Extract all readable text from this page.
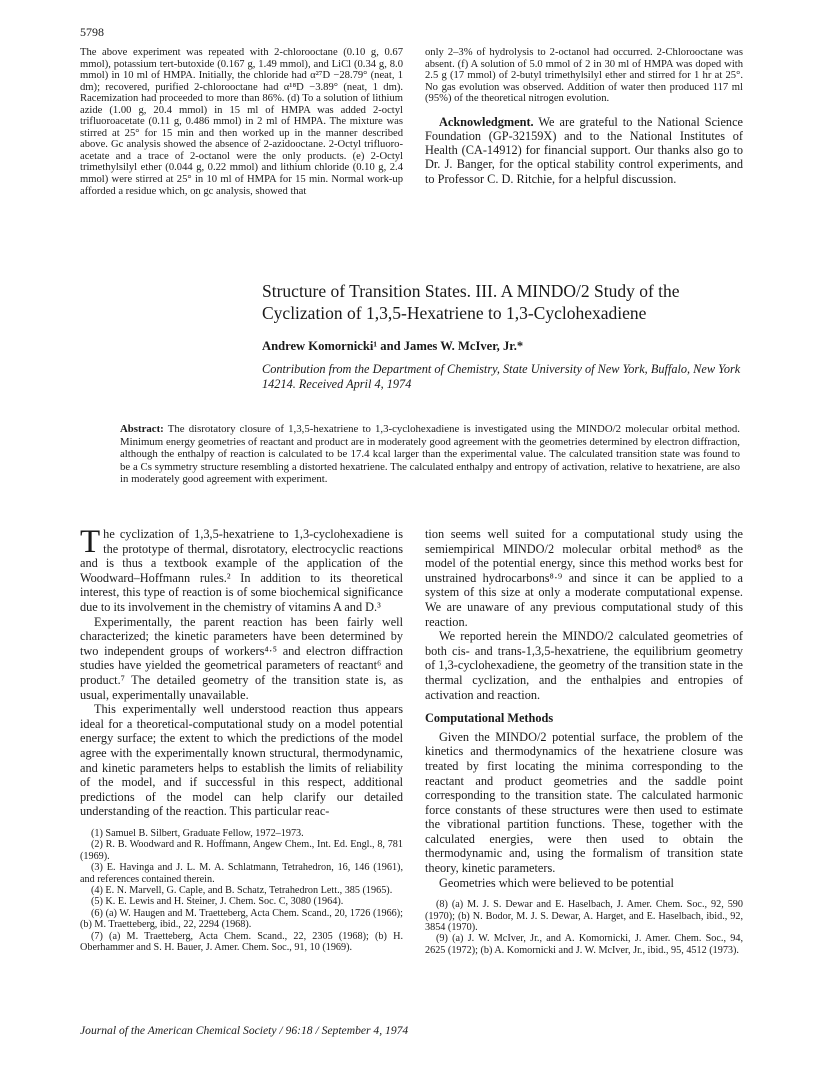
5798
The above experiment was repeated with 2-chlorooctane (0.10 g, 0.67 mmol), potassium tert-butoxide (0.167 g, 1.49 mmol), and LiCl (0.34 g, 8.0 mmol) in 10 ml of HMPA. Initially, the chloride had α²⁷D −28.79° (neat, 1 dm); recovered, purified 2-chlorooctane had α¹⁸D −3.89° (neat, 1 dm). Racemization had proceeded to more than 86%. (d) To a solution of lithium azide (1.00 g, 20.4 mmol) in 15 ml of HMPA was added 2-octyl trifluoroacetate (0.11 g, 0.486 mmol) in 2 ml of HMPA. The mixture was stirred at 25° for 15 min and then worked up in the manner described above. Gc analysis showed the absence of 2-azidooctane. 2-Octyl trifluoro-acetate and a trace of 2-octanol were the only products. (e) 2-Octyl trimethylsilyl ether (0.044 g, 0.22 mmol) and lithium chloride (0.10 g, 2.4 mmol) were stirred at 25° in 10 ml of HMPA for 15 min. Normal work-up afforded a residue which, on gc analysis, showed that
only 2–3% of hydrolysis to 2-octanol had occurred. 2-Chlorooctane was absent. (f) A solution of 5.0 mmol of 2 in 30 ml of HMPA was doped with 2.5 g (17 mmol) of 2-butyl trimethylsilyl ether and stirred for 1 hr at 25°. No gas evolution was observed. Addition of water then produced 117 ml (95%) of the theoretical nitrogen evolution.

Acknowledgment. We are grateful to the National Science Foundation (GP-32159X) and to the National Institutes of Health (CA-14912) for financial support. Our thanks also go to Dr. J. Banger, for the optical stability control experiments, and to Professor C. D. Ritchie, for a helpful discussion.

Structure of Transition States. III. A MINDO/2 Study of the Cyclization of 1,3,5-Hexatriene to 1,3-Cyclohexadiene
Andrew Komornicki¹ and James W. McIver, Jr.*
Contribution from the Department of Chemistry, State University of New York, Buffalo, New York 14214. Received April 4, 1974
Abstract: The disrotatory closure of 1,3,5-hexatriene to 1,3-cyclohexadiene is investigated using the MINDO/2 molecular orbital method. Minimum energy geometries of reactant and product are in moderately good agreement with the geometries determined by electron diffraction, although the enthalpy of reaction is calculated to be 17.4 kcal larger than the experimental value. The calculated transition state was found to be a Cs symmetry structure resembling a distorted hexatriene. The calculated enthalpy and entropy of activation, relative to hexatriene, are also in moderately good agreement with experiment.

The cyclization of 1,3,5-hexatriene to 1,3-cyclohexadiene is the prototype of thermal, disrotatory, electrocyclic reactions and is thus a textbook example of the application of the Woodward–Hoffmann rules.² In addition to its theoretical interest, this type of reaction is of some biochemical significance due to its involvement in the chemistry of vitamins A and D.³

Experimentally, the parent reaction has been fairly well characterized; the kinetic parameters have been determined by two independent groups of workers⁴·⁵ and electron diffraction studies have yielded the geometrical parameters of reactant⁶ and product.⁷ The detailed geometry of the transition state is, as usual, experimentally unavailable.

This experimentally well understood reaction thus appears ideal for a theoretical-computational study on a model potential energy surface; the extent to which the predictions of the model agree with the experimentally known structural, thermodynamic, and kinetic parameters helps to establish the limits of reliability of the model, and if successful in this respect, additional predictions of the model can help clarify our detailed understanding of the reaction. This particular reac-

(1) Samuel B. Silbert, Graduate Fellow, 1972–1973.

(2) R. B. Woodward and R. Hoffmann, Angew Chem., Int. Ed. Engl., 8, 781 (1969).

(3) E. Havinga and J. L. M. A. Schlatmann, Tetrahedron, 16, 146 (1961), and references contained therein.

(4) E. N. Marvell, G. Caple, and B. Schatz, Tetrahedron Lett., 385 (1965).

(5) K. E. Lewis and H. Steiner, J. Chem. Soc. C, 3080 (1964).

(6) (a) W. Haugen and M. Traetteberg, Acta Chem. Scand., 20, 1726 (1966); (b) M. Traetteberg, ibid., 22, 2294 (1968).

(7) (a) M. Traetteberg, Acta Chem. Scand., 22, 2305 (1968); (b) H. Oberhammer and S. H. Bauer, J. Amer. Chem. Soc., 91, 10 (1969).

tion seems well suited for a computational study using the semiempirical MINDO/2 molecular orbital method⁸ as the model of the potential energy, since this method works best for unstrained hydrocarbons⁸·⁹ and since it can be applied to a system of this size at only a moderate computational expense. We are unaware of any previous computational study of this reaction.

We reported herein the MINDO/2 calculated geometries of both cis- and trans-1,3,5-hexatriene, the equilibrium geometry of 1,3-cyclohexadiene, the geometry of the transition state in the thermal cyclization, and the enthalpies and entropies of activation and reaction.

Computational Methods

Given the MINDO/2 potential surface, the problem of the kinetics and thermodynamics of the hexatriene closure was treated by first locating the minima corresponding to the reactant and product geometries and the saddle point corresponding to the transition state. The calculated harmonic force constants of these structures were then used to estimate the vibrational partition functions. These, together with the calculated energies, were then used to obtain the thermodynamic and, using the formalism of transition state theory, kinetic parameters.

Geometries which were believed to be potential

(8) (a) M. J. S. Dewar and E. Haselbach, J. Amer. Chem. Soc., 92, 590 (1970); (b) N. Bodor, M. J. S. Dewar, A. Harget, and E. Haselbach, ibid., 92, 3854 (1970).

(9) (a) J. W. McIver, Jr., and A. Komornicki, J. Amer. Chem. Soc., 94, 2625 (1972); (b) A. Komornicki and J. W. McIver, Jr., ibid., 95, 4512 (1973).

Journal of the American Chemical Society / 96:18 / September 4, 1974
